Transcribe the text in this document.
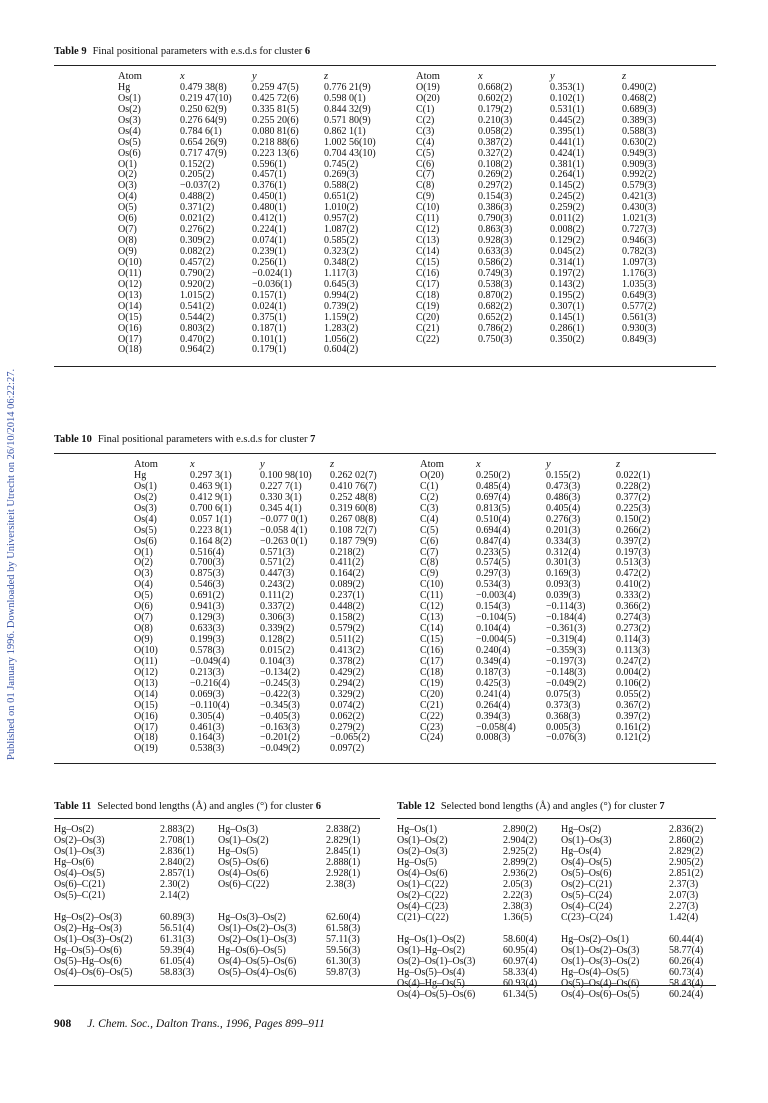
Published on 01 January 1996. Downloaded by Universiteit Utrecht on 26/10/2014 06:22:27.
Table 9 Final positional parameters with e.s.d.s for cluster 6
Atom	x	y	z
Hg	0.479 38(8)	0.259 47(5)	0.776 21(9)
Os(1)	0.219 47(10)	0.425 72(6)	0.598 0(1)
Os(2)	0.250 62(9)	0.335 81(5)	0.844 32(9)
Os(3)	0.276 64(9)	0.255 20(6)	0.571 80(9)
Os(4)	0.784 6(1)	0.080 81(6)	0.862 1(1)
Os(5)	0.654 26(9)	0.218 88(6)	1.002 56(10)
Os(6)	0.717 47(9)	0.223 13(6)	0.704 43(10)
O(1)	0.152(2)	0.596(1)	0.745(2)
O(2)	0.205(2)	0.457(1)	0.269(3)
O(3)	−0.037(2)	0.376(1)	0.588(2)
O(4)	0.488(2)	0.450(1)	0.651(2)
O(5)	0.371(2)	0.480(1)	1.010(2)
O(6)	0.021(2)	0.412(1)	0.957(2)
O(7)	0.276(2)	0.224(1)	1.087(2)
O(8)	0.309(2)	0.074(1)	0.585(2)
O(9)	0.082(2)	0.239(1)	0.323(2)
O(10)	0.457(2)	0.256(1)	0.348(2)
O(11)	0.790(2)	−0.024(1)	1.117(3)
O(12)	0.920(2)	−0.036(1)	0.645(3)
O(13)	1.015(2)	0.157(1)	0.994(2)
O(14)	0.541(2)	0.024(1)	0.739(2)
O(15)	0.544(2)	0.375(1)	1.159(2)
O(16)	0.803(2)	0.187(1)	1.283(2)
O(17)	0.470(2)	0.101(1)	1.056(2)
O(18)	0.964(2)	0.179(1)	0.604(2)
Atom	x	y	z
O(19)	0.668(2)	0.353(1)	0.490(2)
O(20)	0.602(2)	0.102(1)	0.468(2)
C(1)	0.179(2)	0.531(1)	0.689(3)
C(2)	0.210(3)	0.445(2)	0.389(3)
C(3)	0.058(2)	0.395(1)	0.588(3)
C(4)	0.387(2)	0.441(1)	0.630(2)
C(5)	0.327(2)	0.424(1)	0.949(3)
C(6)	0.108(2)	0.381(1)	0.909(3)
C(7)	0.269(2)	0.264(1)	0.992(2)
C(8)	0.297(2)	0.145(2)	0.579(3)
C(9)	0.154(3)	0.245(2)	0.421(3)
C(10)	0.386(3)	0.259(2)	0.430(3)
C(11)	0.790(3)	0.011(2)	1.021(3)
C(12)	0.863(3)	0.008(2)	0.727(3)
C(13)	0.928(3)	0.129(2)	0.946(3)
C(14)	0.633(3)	0.045(2)	0.782(3)
C(15)	0.586(2)	0.314(1)	1.097(3)
C(16)	0.749(3)	0.197(2)	1.176(3)
C(17)	0.538(3)	0.143(2)	1.035(3)
C(18)	0.870(2)	0.195(2)	0.649(3)
C(19)	0.682(2)	0.307(1)	0.577(2)
C(20)	0.652(2)	0.145(1)	0.561(3)
C(21)	0.786(2)	0.286(1)	0.930(3)
C(22)	0.750(3)	0.350(2)	0.849(3)
Table 10 Final positional parameters with e.s.d.s for cluster 7
Atom	x	y	z
Hg	0.297 3(1)	0.100 98(10)	0.262 02(7)
Os(1)	0.463 9(1)	0.227 7(1)	0.410 76(7)
Os(2)	0.412 9(1)	0.330 3(1)	0.252 48(8)
Os(3)	0.700 6(1)	0.345 4(1)	0.319 60(8)
Os(4)	0.057 1(1)	−0.077 0(1)	0.267 08(8)
Os(5)	0.223 8(1)	−0.058 4(1)	0.108 72(7)
Os(6)	0.164 8(2)	−0.263 0(1)	0.187 79(9)
O(1)	0.516(4)	0.571(3)	0.218(2)
O(2)	0.700(3)	0.571(2)	0.411(2)
O(3)	0.875(3)	0.447(3)	0.164(2)
O(4)	0.546(3)	0.243(2)	0.089(2)
O(5)	0.691(2)	0.111(2)	0.237(1)
O(6)	0.941(3)	0.337(2)	0.448(2)
O(7)	0.129(3)	0.306(3)	0.158(2)
O(8)	0.633(3)	0.339(2)	0.579(2)
O(9)	0.199(3)	0.128(2)	0.511(2)
O(10)	0.578(3)	0.015(2)	0.413(2)
O(11)	−0.049(4)	0.104(3)	0.378(2)
O(12)	0.213(3)	−0.134(2)	0.429(2)
O(13)	−0.216(4)	−0.245(3)	0.294(2)
O(14)	0.069(3)	−0.422(3)	0.329(2)
O(15)	−0.110(4)	−0.345(3)	0.074(2)
O(16)	0.305(4)	−0.405(3)	0.062(2)
O(17)	0.461(3)	−0.163(3)	0.279(2)
O(18)	0.164(3)	−0.201(2)	−0.065(2)
O(19)	0.538(3)	−0.049(2)	0.097(2)
Atom	x	y	z
O(20)	0.250(2)	0.155(2)	0.022(1)
C(1)	0.485(4)	0.473(3)	0.228(2)
C(2)	0.697(4)	0.486(3)	0.377(2)
C(3)	0.813(5)	0.405(4)	0.225(3)
C(4)	0.510(4)	0.276(3)	0.150(2)
C(5)	0.694(4)	0.201(3)	0.266(2)
C(6)	0.847(4)	0.334(3)	0.397(2)
C(7)	0.233(5)	0.312(4)	0.197(3)
C(8)	0.574(5)	0.301(3)	0.513(3)
C(9)	0.297(3)	0.169(3)	0.472(2)
C(10)	0.534(3)	0.093(3)	0.410(2)
C(11)	−0.003(4)	0.039(3)	0.333(2)
C(12)	0.154(3)	−0.114(3)	0.366(2)
C(13)	−0.104(5)	−0.184(4)	0.274(3)
C(14)	0.104(4)	−0.361(3)	0.273(2)
C(15)	−0.004(5)	−0.319(4)	0.114(3)
C(16)	0.240(4)	−0.359(3)	0.113(3)
C(17)	0.349(4)	−0.197(3)	0.247(2)
C(18)	0.187(3)	−0.148(3)	0.004(2)
C(19)	0.425(3)	−0.049(2)	0.106(2)
C(20)	0.241(4)	0.075(3)	0.055(2)
C(21)	0.264(4)	0.373(3)	0.367(2)
C(22)	0.394(3)	0.368(3)	0.397(2)
C(23)	−0.058(4)	0.005(3)	0.161(2)
C(24)	0.008(3)	−0.076(3)	0.121(2)
Table 11 Selected bond lengths (Å) and angles (°) for cluster 6
Hg–Os(2)	2.883(2)	Hg–Os(3)	2.838(2)
Os(2)–Os(3)	2.708(1)	Os(1)–Os(2)	2.829(1)
Os(1)–Os(3)	2.836(1)	Hg–Os(5)	2.845(1)
Hg–Os(6)	2.840(2)	Os(5)–Os(6)	2.888(1)
Os(4)–Os(5)	2.857(1)	Os(4)–Os(6)	2.928(1)
Os(6)–C(21)	2.30(2)	Os(6)–C(22)	2.38(3)
Os(5)–C(21)	2.14(2)
Hg–Os(2)–Os(3)	60.89(3)	Hg–Os(3)–Os(2)	62.60(4)
Os(2)–Hg–Os(3)	56.51(4)	Os(1)–Os(2)–Os(3)	61.58(3)
Os(1)–Os(3)–Os(2)	61.31(3)	Os(2)–Os(1)–Os(3)	57.11(3)
Hg–Os(5)–Os(6)	59.39(4)	Hg–Os(6)–Os(5)	59.56(3)
Os(5)–Hg–Os(6)	61.05(4)	Os(4)–Os(5)–Os(6)	61.30(3)
Os(4)–Os(6)–Os(5)	58.83(3)	Os(5)–Os(4)–Os(6)	59.87(3)
Table 12 Selected bond lengths (Å) and angles (°) for cluster 7
Hg–Os(1)	2.890(2)	Hg–Os(2)	2.836(2)
Os(1)–Os(2)	2.904(2)	Os(1)–Os(3)	2.860(2)
Os(2)–Os(3)	2.925(2)	Hg–Os(4)	2.829(2)
Hg–Os(5)	2.899(2)	Os(4)–Os(5)	2.905(2)
Os(4)–Os(6)	2.936(2)	Os(5)–Os(6)	2.851(2)
Os(1)–C(22)	2.05(3)	Os(2)–C(21)	2.37(3)
Os(2)–C(22)	2.22(3)	Os(5)–C(24)	2.07(3)
Os(4)–C(23)	2.38(3)	Os(4)–C(24)	2.27(3)
C(21)–C(22)	1.36(5)	C(23)–C(24)	1.42(4)
Hg–Os(1)–Os(2)	58.60(4)	Hg–Os(2)–Os(1)	60.44(4)
Os(1)–Hg–Os(2)	60.95(4)	Os(1)–Os(2)–Os(3)	58.77(4)
Os(2)–Os(1)–Os(3)	60.97(4)	Os(1)–Os(3)–Os(2)	60.26(4)
Hg–Os(5)–Os(4)	58.33(4)	Hg–Os(4)–Os(5)	60.73(4)
Os(4)–Hg–Os(5)	60.93(4)	Os(5)–Os(4)–Os(6)	58.43(4)
Os(4)–Os(5)–Os(6)	61.34(5)	Os(4)–Os(6)–Os(5)	60.24(4)
908 J. Chem. Soc., Dalton Trans., 1996, Pages 899–911
